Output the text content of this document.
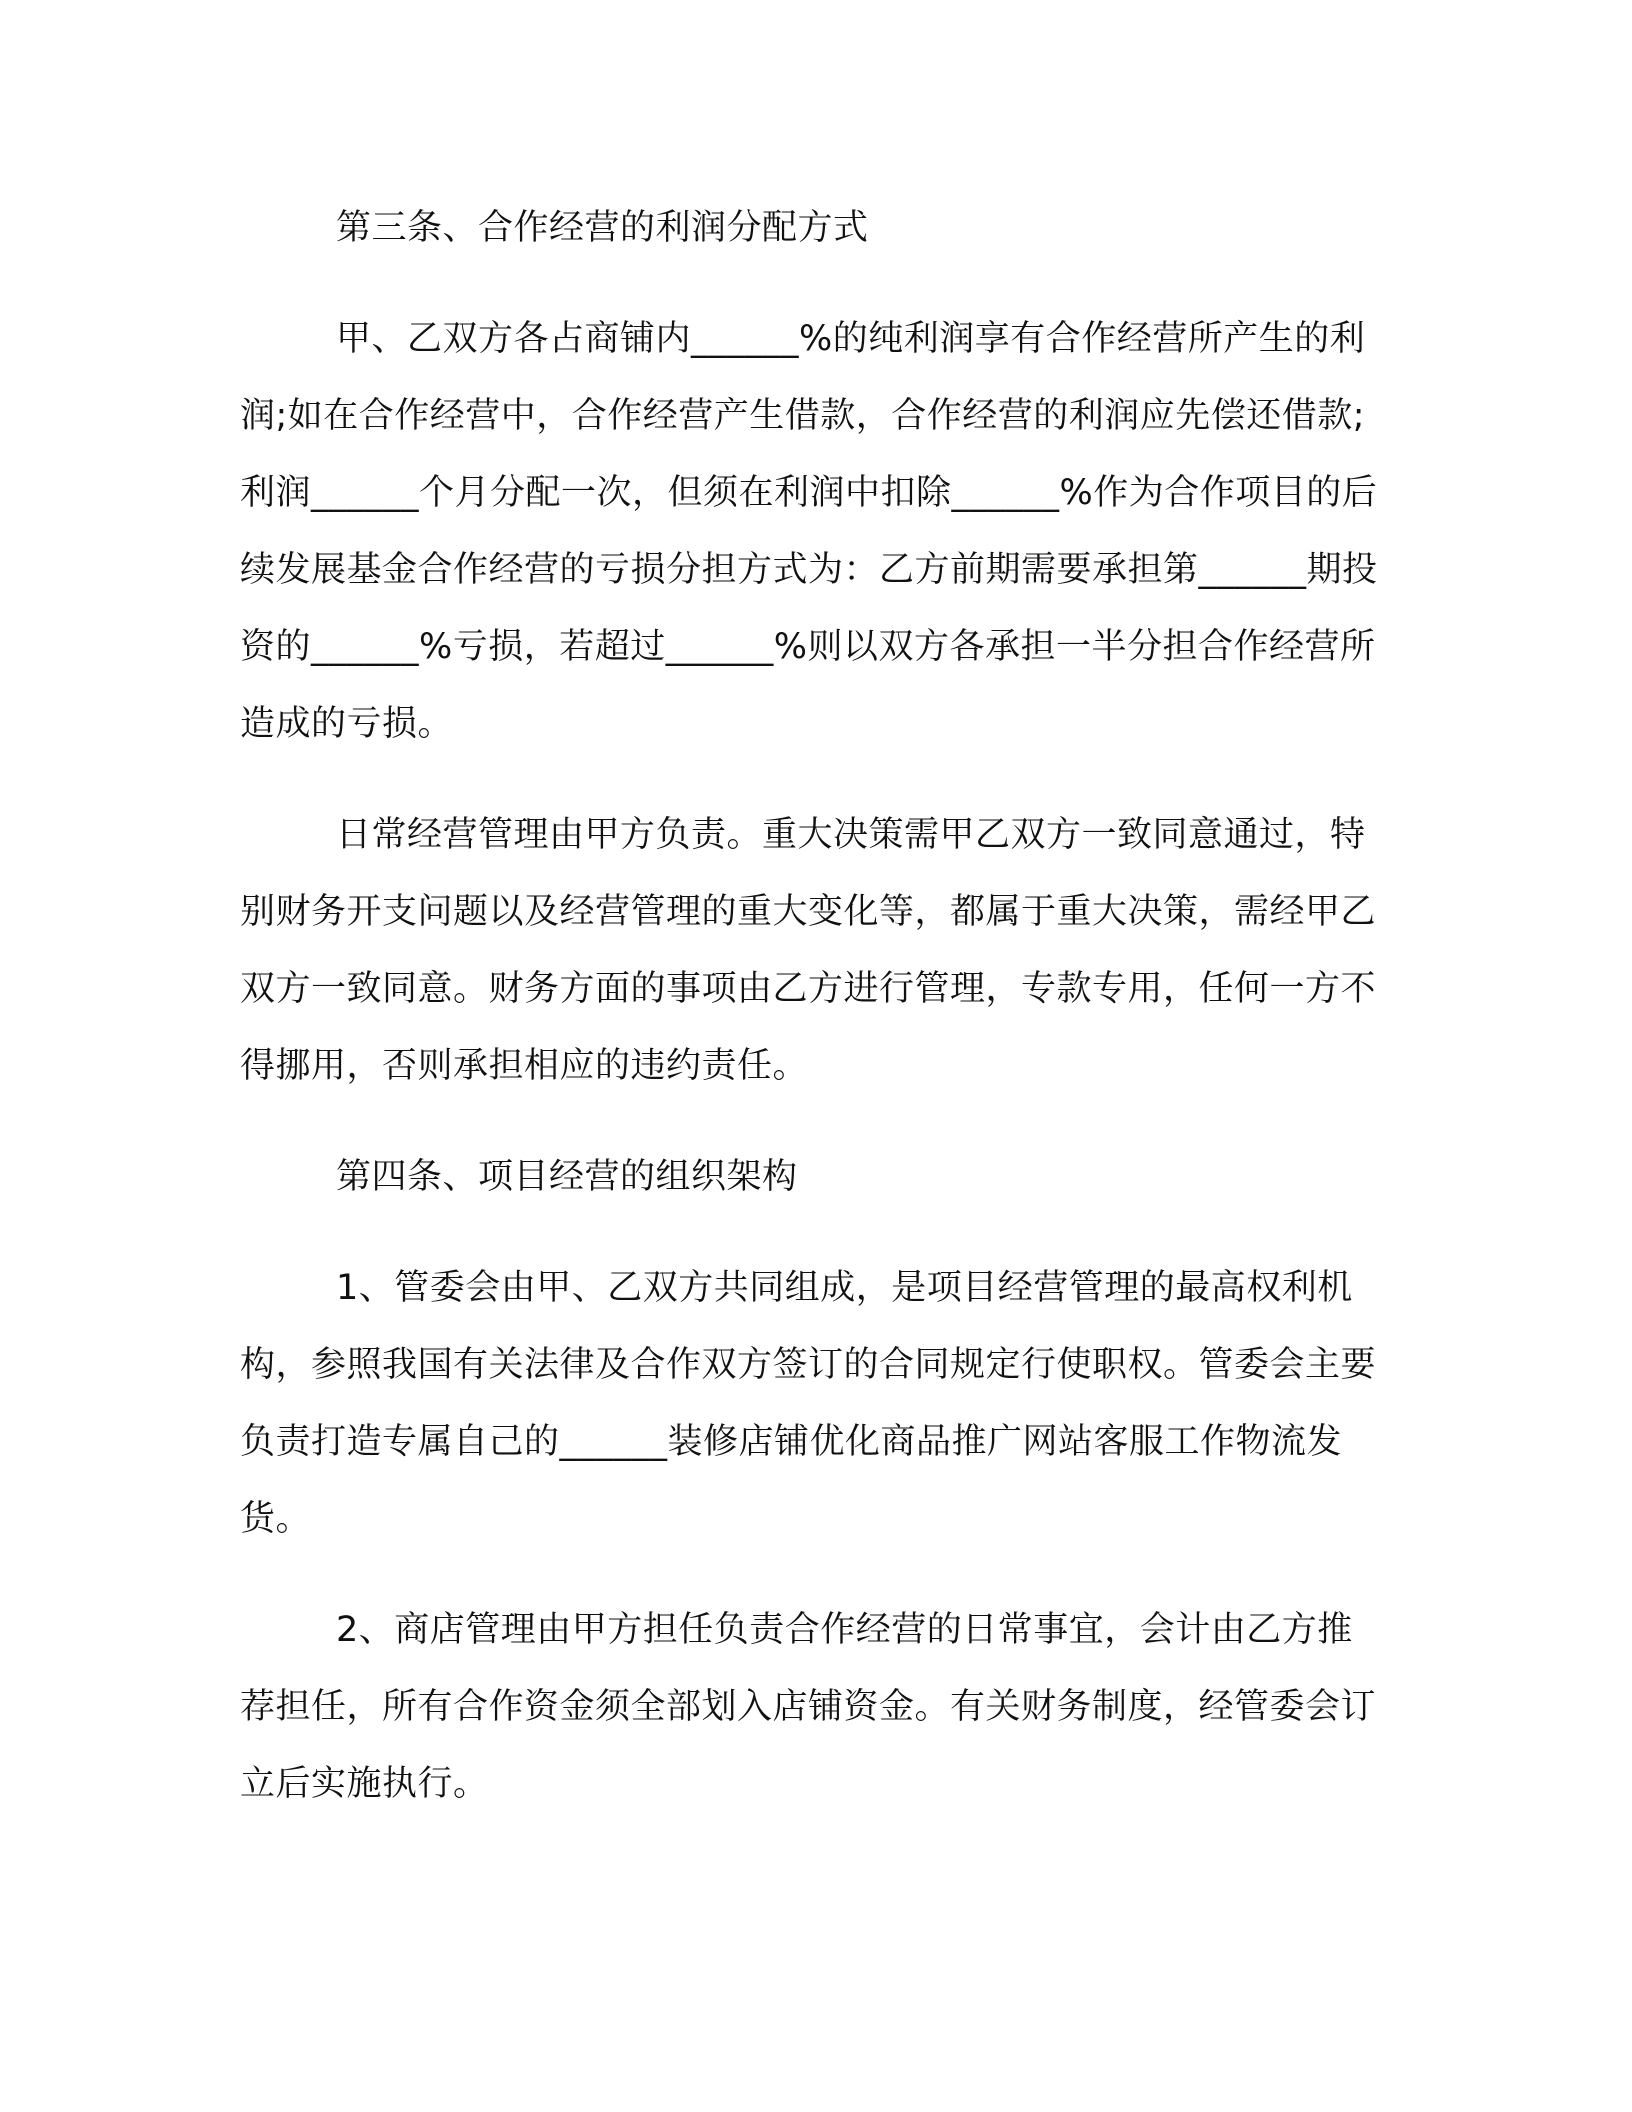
第三条、合作经营的利润分配方式

甲、乙双方各占商铺内______%的纯利润享有合作经营所产生的利润;如在合作经营中，合作经营产生借款，合作经营的利润应先偿还借款;利润______个月分配一次，但须在利润中扣除______%作为合作项目的后续发展基金合作经营的亏损分担方式为：乙方前期需要承担第______期投资的______%亏损，若超过______%则以双方各承担一半分担合作经营所造成的亏损。

日常经营管理由甲方负责。重大决策需甲乙双方一致同意通过，特别财务开支问题以及经营管理的重大变化等，都属于重大决策，需经甲乙双方一致同意。财务方面的事项由乙方进行管理，专款专用，任何一方不得挪用，否则承担相应的违约责任。

第四条、项目经营的组织架构

1、管委会由甲、乙双方共同组成，是项目经营管理的最高权利机构，参照我国有关法律及合作双方签订的合同规定行使职权。管委会主要负责打造专属自己的______装修店铺优化商品推广网站客服工作物流发货。

2、商店管理由甲方担任负责合作经营的日常事宜，会计由乙方推荐担任，所有合作资金须全部划入店铺资金。有关财务制度，经管委会订立后实施执行。
